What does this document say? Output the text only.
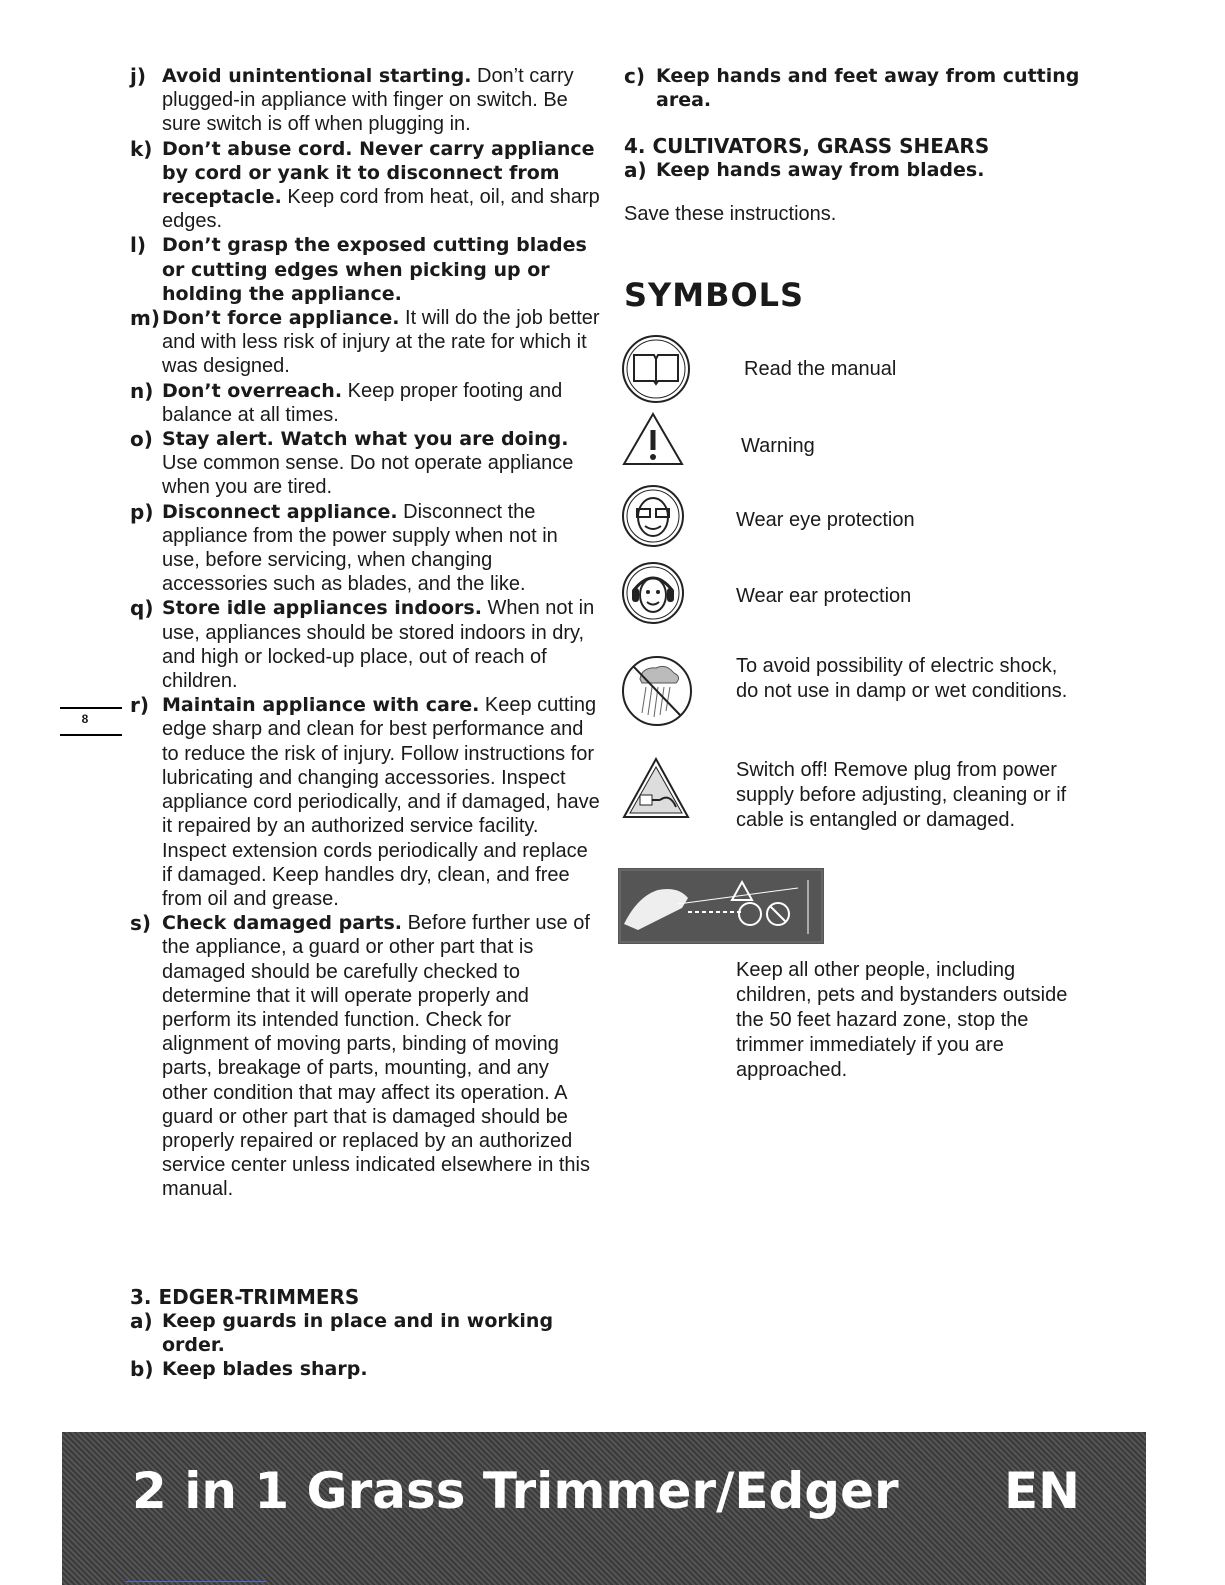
j) Avoid unintentional starting. Don’t carry plugged-in appliance with finger on switch. Be sure switch is off when plugging in.

k) Don’t abuse cord. Never carry appliance by cord or yank it to disconnect from receptacle. Keep cord from heat, oil, and sharp edges.

l) Don’t grasp the exposed cutting blades or cutting edges when picking up or holding the appliance.

m) Don’t force appliance. It will do the job better and with less risk of injury at the rate for which it was designed.

n) Don’t overreach. Keep proper footing and balance at all times.

o) Stay alert. Watch what you are doing. Use common sense. Do not operate appliance when you are tired.

p) Disconnect appliance. Disconnect the appliance from the power supply when not in use, before servicing, when changing accessories such as blades, and the like.

q) Store idle appliances indoors. When not in use, appliances should be stored indoors in dry, and high or locked-up place, out of reach of children.

r) Maintain appliance with care. Keep cutting edge sharp and clean for best performance and to reduce the risk of injury. Follow instructions for lubricating and changing accessories. Inspect appliance cord periodically, and if damaged, have it repaired by an authorized service facility. Inspect extension cords periodically and replace if damaged. Keep handles dry, clean, and free from oil and grease.

s) Check damaged parts. Before further use of the appliance, a guard or other part that is damaged should be carefully checked to determine that it will operate properly and perform its intended function. Check for alignment of moving parts, binding of moving parts, breakage of parts, mounting, and any other condition that may affect its operation. A guard or other part that is damaged should be properly repaired or replaced by an authorized service center unless indicated elsewhere in this manual.

3. EDGER-TRIMMERS

a) Keep guards in place and in working order.

b) Keep blades sharp.

c) Keep hands and feet away from cutting area.

4. CULTIVATORS, GRASS SHEARS

a) Keep hands away from blades.

Save these instructions.

SYMBOLS

Read the manual
Warning
Wear eye protection
Wear ear protection
To avoid possibility of electric shock, do not use in damp or wet conditions.
Switch off! Remove plug from power supply before adjusting, cleaning or if cable is entangled or damaged.
Keep all other people, including children, pets and bystanders outside the 50 feet hazard zone, stop the trimmer immediately if you are approached.
8
2 in 1 Grass Trimmer/Edger EN
